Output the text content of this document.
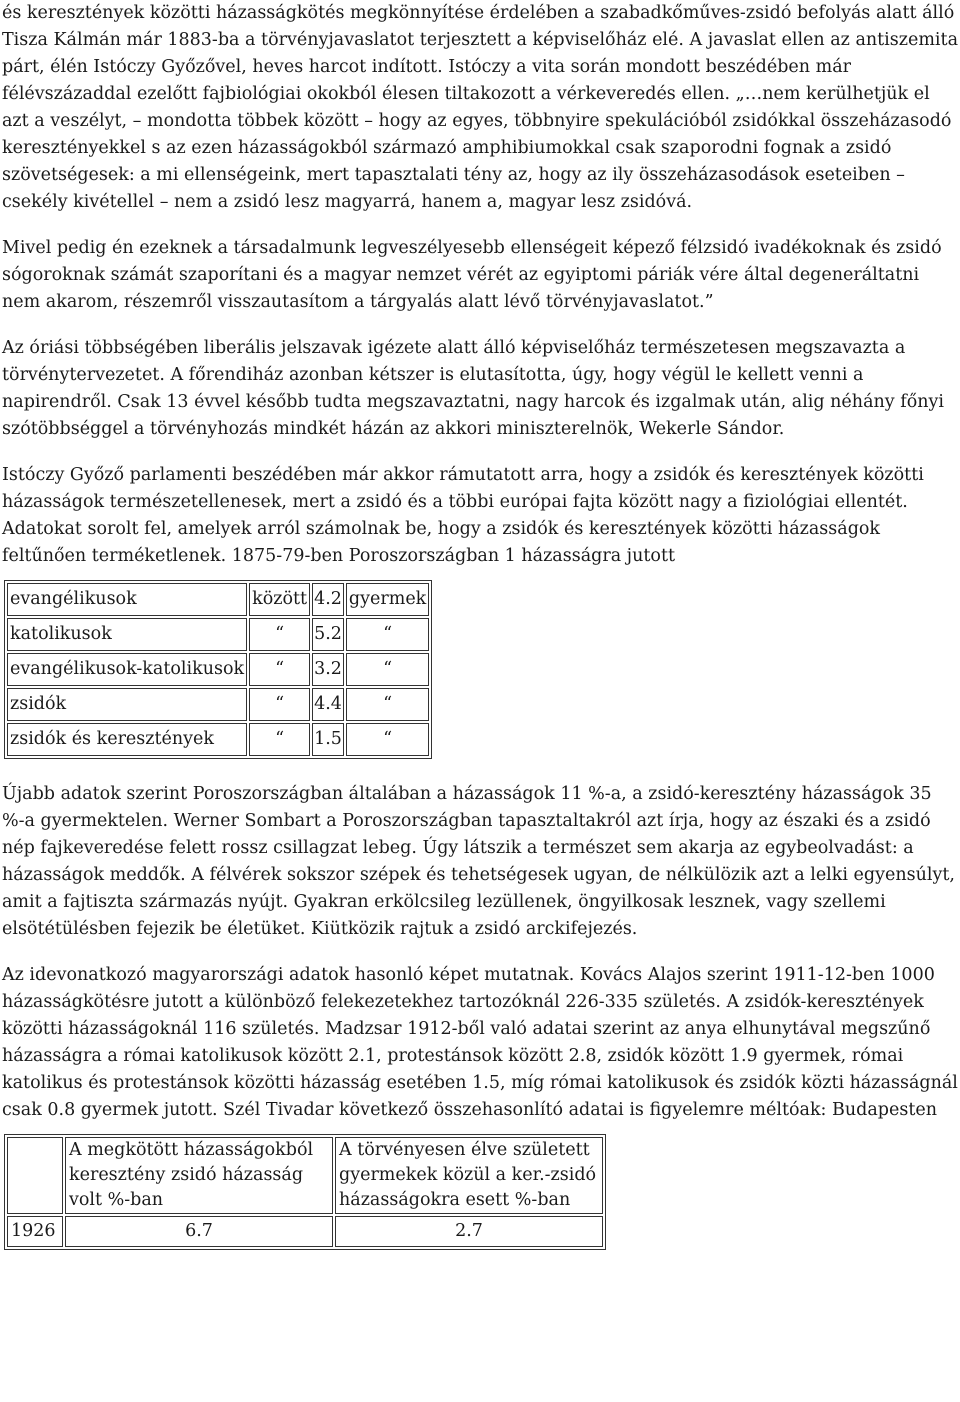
és keresztények közötti házasságkötés megkönnyítése érdelében a szabadkőműves-zsidó befolyás alatt álló Tisza Kálmán már 1883-ba a törvényjavaslatot terjesztett a képviselőház elé. A javaslat ellen az antiszemita párt, élén Istóczy Győzővel, heves harcot indított. Istóczy a vita során mondott beszédében már félévszázaddal ezelőtt fajbiológiai okokból élesen tiltakozott a vérkeveredés ellen. „…nem kerülhetjük el azt a veszélyt, – mondotta többek között – hogy az egyes, többnyire spekulációból zsidókkal összeházasodó keresztényekkel s az ezen házasságokból származó amphibiumokkal csak szaporodni fognak a zsidó szövetségesek: a mi ellenségeink, mert tapasztalati tény az, hogy az ily összeházasodások eseteiben – csekély kivétellel – nem a zsidó lesz magyarrá, hanem a, magyar lesz zsidóvá.

Mivel pedig én ezeknek a társadalmunk legveszélyesebb ellenségeit képező félzsidó ivadékoknak és zsidó sógoroknak számát szaporítani és a magyar nemzet vérét az egyiptomi páriák vére által degeneráltatni nem akarom, részemről visszautasítom a tárgyalás alatt lévő törvényjavaslatot.”

Az óriási többségében liberális jelszavak igézete alatt álló képviselőház természetesen megszavazta a törvénytervezetet. A főrendiház azonban kétszer is elutasította, úgy, hogy végül le kellett venni a napirendről. Csak 13 évvel később tudta megszavaztatni, nagy harcok és izgalmak után, alig néhány főnyi szótöbbséggel a törvényhozás mindkét házán az akkori miniszterelnök, Wekerle Sándor.

Istóczy Győző parlamenti beszédében már akkor rámutatott arra, hogy a zsidók és keresztények közötti házasságok természetellenesek, mert a zsidó és a többi európai fajta között nagy a fiziológiai ellentét. Adatokat sorolt fel, amelyek arról számolnak be, hogy a zsidók és keresztények közötti házasságok feltűnően terméketlenek. 1875-79-ben Poroszországban 1 házasságra jutott

evangélikusok	között	4.2	gyermek
katolikusok	“	5.2	“
evangélikusok-katolikusok	“	3.2	“
zsidók	“	4.4	“
zsidók és keresztények	“	1.5	“

Újabb adatok szerint Poroszországban általában a házasságok 11 %-a, a zsidó-keresztény házasságok 35 %-a gyermektelen. Werner Sombart a Poroszországban tapasztaltakról azt írja, hogy az északi és a zsidó nép fajkeveredése felett rossz csillagzat lebeg. Úgy látszik a természet sem akarja az egybeolvadást: a házasságok meddők. A félvérek sokszor szépek és tehetségesek ugyan, de nélkülözik azt a lelki egyensúlyt, amit a fajtiszta származás nyújt. Gyakran erkölcsileg lezüllenek, öngyilkosak lesznek, vagy szellemi elsötétülésben fejezik be életüket. Kiütközik rajtuk a zsidó arckifejezés.

Az idevonatkozó magyarországi adatok hasonló képet mutatnak. Kovács Alajos szerint 1911-12-ben 1000 házasságkötésre jutott a különböző felekezetekhez tartozóknál 226-335 születés. A zsidók-keresztények közötti házasságoknál 116 születés. Madzsar 1912-ből való adatai szerint az anya elhunytával megszűnő házasságra a római katolikusok között 2.1, protestánsok között 2.8, zsidók között 1.9 gyermek, római katolikus és protestánsok közötti házasság esetében 1.5, míg római katolikusok és zsidók közti házasságnál csak 0.8 gyermek jutott. Szél Tivadar következő összehasonlító adatai is figyelemre méltóak: Budapesten

	A megkötött házasságokból keresztény zsidó házasság volt %-ban	A törvényesen élve született gyermekek közül a ker.-zsidó házasságokra esett %-ban
1926	6.7	2.7
